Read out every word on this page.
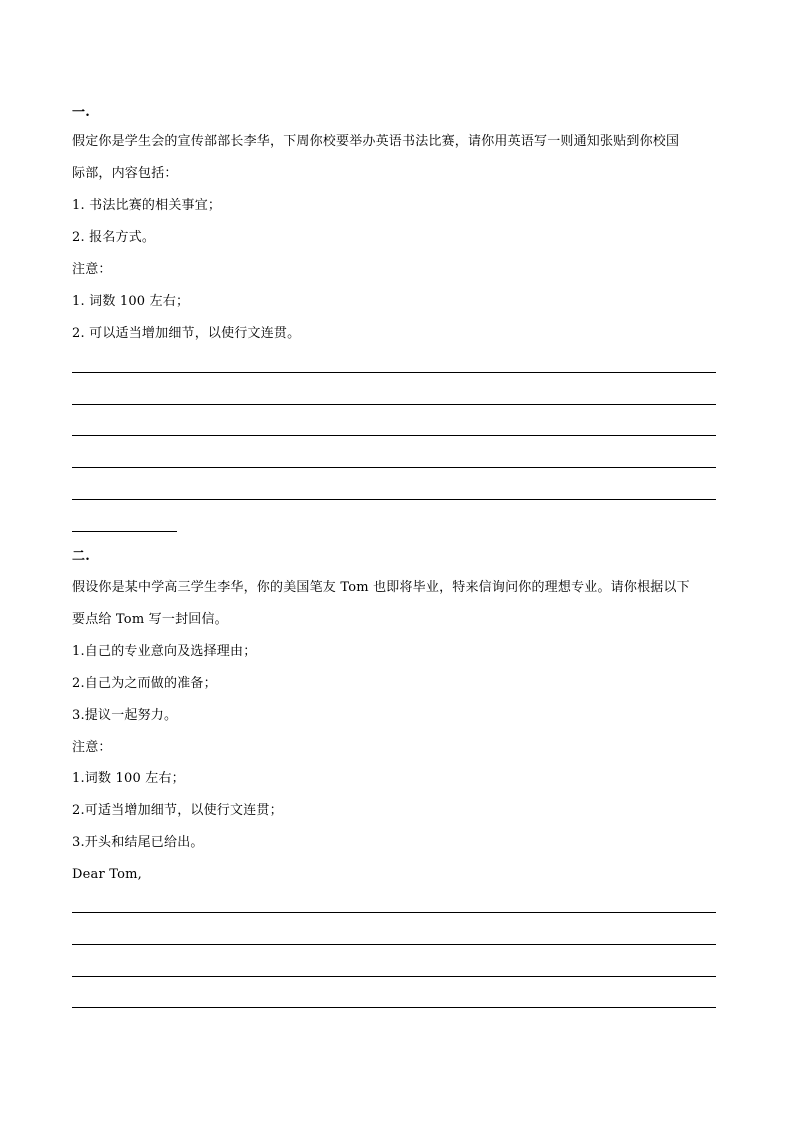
一.
假定你是学生会的宣传部部长李华，下周你校要举办英语书法比赛，请你用英语写一则通知张贴到你校国
际部，内容包括：
1. 书法比赛的相关事宜；
2. 报名方式。
注意：
1. 词数 100 左右；
2. 可以适当增加细节，以使行文连贯。
二.
假设你是某中学高三学生李华，你的美国笔友 Tom 也即将毕业，特来信询问你的理想专业。请你根据以下
要点给 Tom 写一封回信。
1.自己的专业意向及选择理由；
2.自己为之而做的准备；
3.提议一起努力。
注意：
1.词数 100 左右；
2.可适当增加细节，以使行文连贯；
3.开头和结尾已给出。
Dear Tom,
